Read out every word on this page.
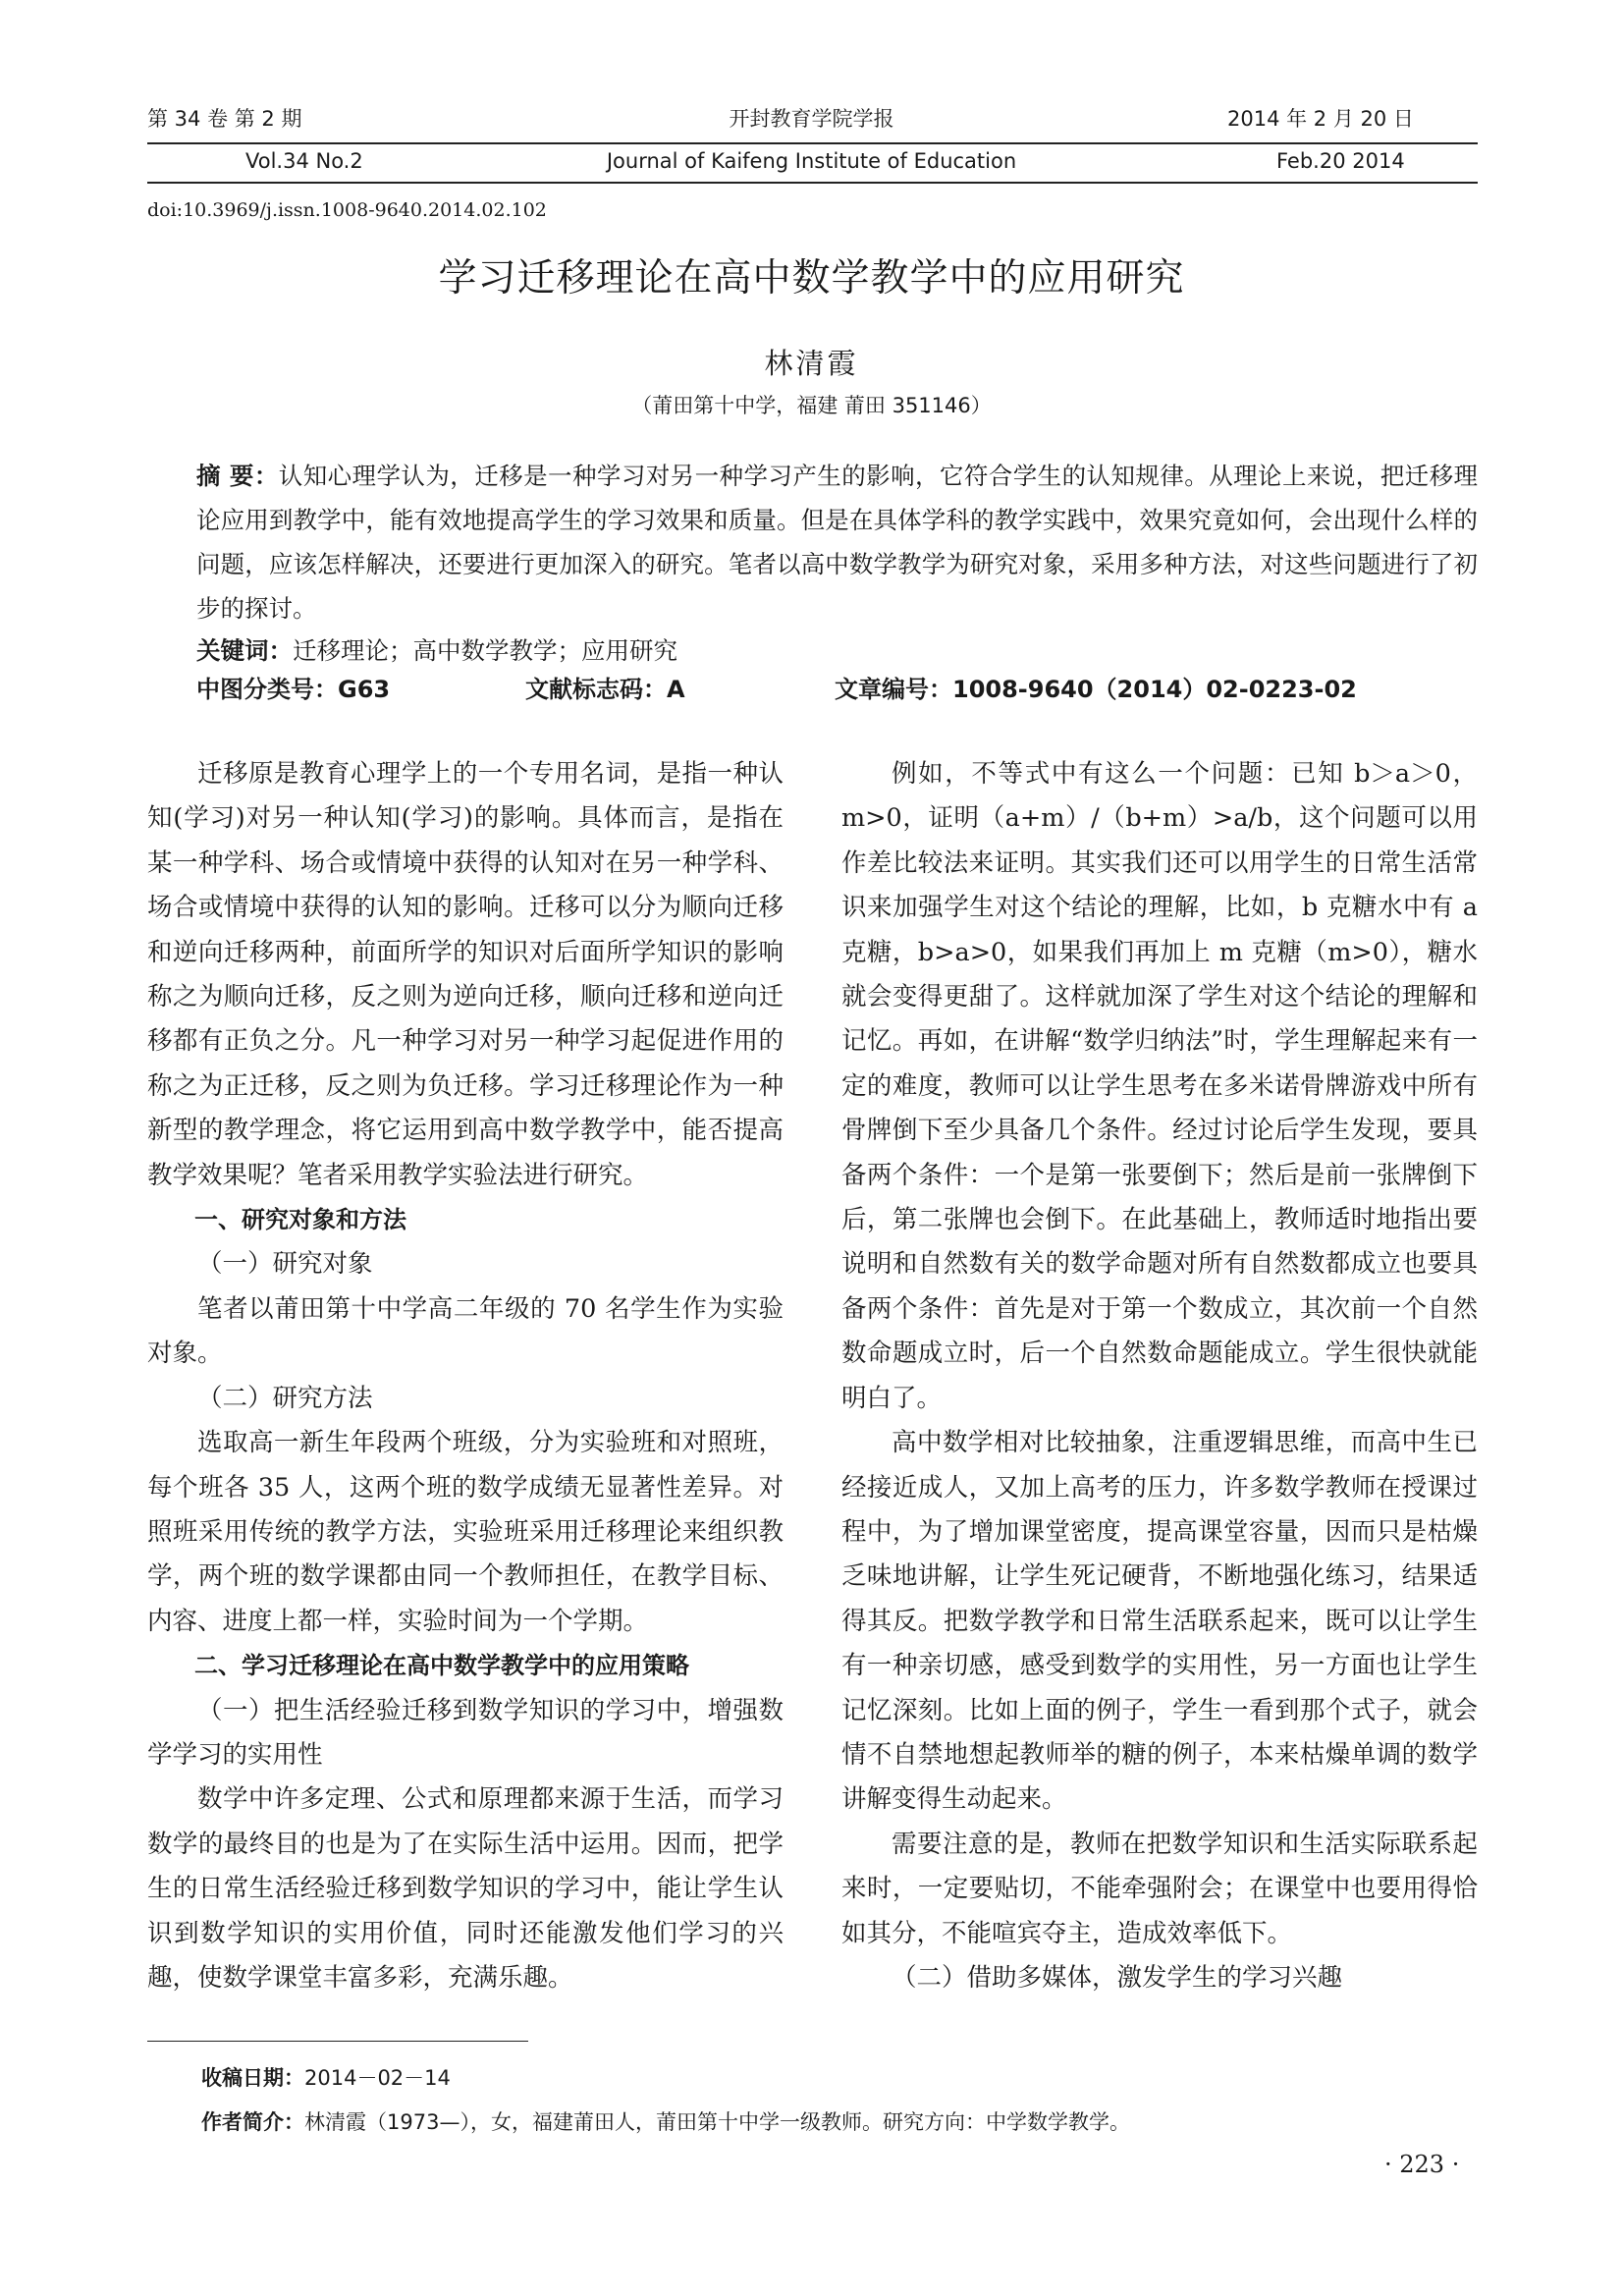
第 34 卷 第 2 期	开封教育学院学报	2014 年 2 月 20 日
Vol.34 No.2	Journal of Kaifeng Institute of Education	Feb.20 2014
doi:10.3969/j.issn.1008-9640.2014.02.102
学习迁移理论在高中数学教学中的应用研究
林清霞
（莆田第十中学，福建 莆田 351146）
摘 要：认知心理学认为，迁移是一种学习对另一种学习产生的影响，它符合学生的认知规律。从理论上来说，把迁移理论应用到教学中，能有效地提高学生的学习效果和质量。但是在具体学科的教学实践中，效果究竟如何，会出现什么样的问题，应该怎样解决，还要进行更加深入的研究。笔者以高中数学教学为研究对象，采用多种方法，对这些问题进行了初步的探讨。
关键词：迁移理论；高中数学教学；应用研究
中图分类号：G63	文献标志码：A	文章编号：1008-9640（2014）02-0223-02

迁移原是教育心理学上的一个专用名词，是指一种认知(学习)对另一种认知(学习)的影响。具体而言，是指在某一种学科、场合或情境中获得的认知对在另一种学科、场合或情境中获得的认知的影响。迁移可以分为顺向迁移和逆向迁移两种，前面所学的知识对后面所学知识的影响称之为顺向迁移，反之则为逆向迁移，顺向迁移和逆向迁移都有正负之分。凡一种学习对另一种学习起促进作用的称之为正迁移，反之则为负迁移。学习迁移理论作为一种新型的教学理念，将它运用到高中数学教学中，能否提高教学效果呢？笔者采用教学实验法进行研究。

一、研究对象和方法

（一）研究对象

笔者以莆田第十中学高二年级的 70 名学生作为实验对象。

（二）研究方法

选取高一新生年段两个班级，分为实验班和对照班，每个班各 35 人，这两个班的数学成绩无显著性差异。对照班采用传统的教学方法，实验班采用迁移理论来组织教学，两个班的数学课都由同一个教师担任，在教学目标、内容、进度上都一样，实验时间为一个学期。

二、学习迁移理论在高中数学教学中的应用策略

（一）把生活经验迁移到数学知识的学习中，增强数学学习的实用性

数学中许多定理、公式和原理都来源于生活，而学习数学的最终目的也是为了在实际生活中运用。因而，把学生的日常生活经验迁移到数学知识的学习中，能让学生认识到数学知识的实用价值，同时还能激发他们学习的兴趣，使数学课堂丰富多彩，充满乐趣。

例如，不等式中有这么一个问题：已知 b＞a＞0，m>0，证明（a+m）/（b+m）>a/b，这个问题可以用作差比较法来证明。其实我们还可以用学生的日常生活常识来加强学生对这个结论的理解，比如，b 克糖水中有 a 克糖，b>a>0，如果我们再加上 m 克糖（m>0），糖水就会变得更甜了。这样就加深了学生对这个结论的理解和记忆。再如，在讲解“数学归纳法”时，学生理解起来有一定的难度，教师可以让学生思考在多米诺骨牌游戏中所有骨牌倒下至少具备几个条件。经过讨论后学生发现，要具备两个条件：一个是第一张要倒下；然后是前一张牌倒下后，第二张牌也会倒下。在此基础上，教师适时地指出要说明和自然数有关的数学命题对所有自然数都成立也要具备两个条件：首先是对于第一个数成立，其次前一个自然数命题成立时，后一个自然数命题能成立。学生很快就能明白了。

高中数学相对比较抽象，注重逻辑思维，而高中生已经接近成人，又加上高考的压力，许多数学教师在授课过程中，为了增加课堂密度，提高课堂容量，因而只是枯燥乏味地讲解，让学生死记硬背，不断地强化练习，结果适得其反。把数学教学和日常生活联系起来，既可以让学生有一种亲切感，感受到数学的实用性，另一方面也让学生记忆深刻。比如上面的例子，学生一看到那个式子，就会情不自禁地想起教师举的糖的例子，本来枯燥单调的数学讲解变得生动起来。

需要注意的是，教师在把数学知识和生活实际联系起来时，一定要贴切，不能牵强附会；在课堂中也要用得恰如其分，不能喧宾夺主，造成效率低下。

（二）借助多媒体，激发学生的学习兴趣

收稿日期：2014－02－14
作者简介：林清霞（1973—），女，福建莆田人，莆田第十中学一级教师。研究方向：中学数学教学。
· 223 ·
